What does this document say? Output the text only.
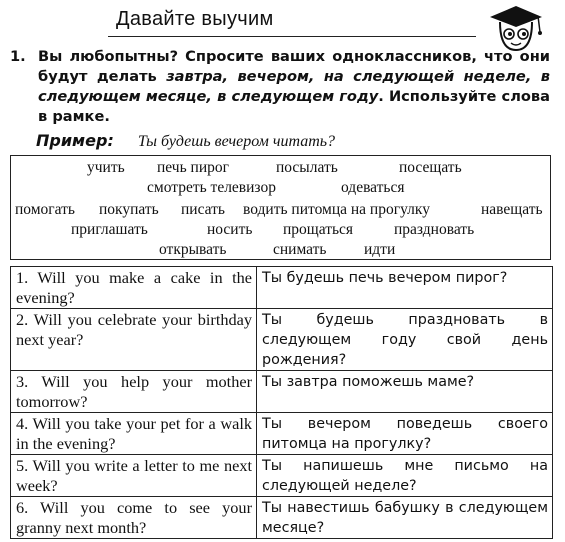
Давайте выучим
1. Вы любопытны? Спросите ваших одноклассников, что они будут делать завтра, вечером, на следующей неделе, в следующем месяце, в следующем году. Используйте слова в рамке.
Пример: Ты будешь вечером читать?
учить печь пирог	посылать	посещать
смотреть телевизор	одеваться
помогать покупать писать водить питомца на прогулку	навещать
приглашать	носить прощаться	праздновать
открывать	снимать идти
1. Will you make a cake in the evening?	Ты будешь печь вечером пирог?
2. Will you celebrate your birthday next year?	Ты будешь праздновать в следующем году свой день рождения?
3. Will you help your mother tomorrow?	Ты завтра поможешь маме?
4. Will you take your pet for a walk in the evening?	Ты вечером поведешь своего питомца на прогулку?
5. Will you write a letter to me next week?	Ты напишешь мне письмо на следующей неделе?
6. Will you come to see your granny next month?	Ты навестишь бабушку в следующем месяце?
